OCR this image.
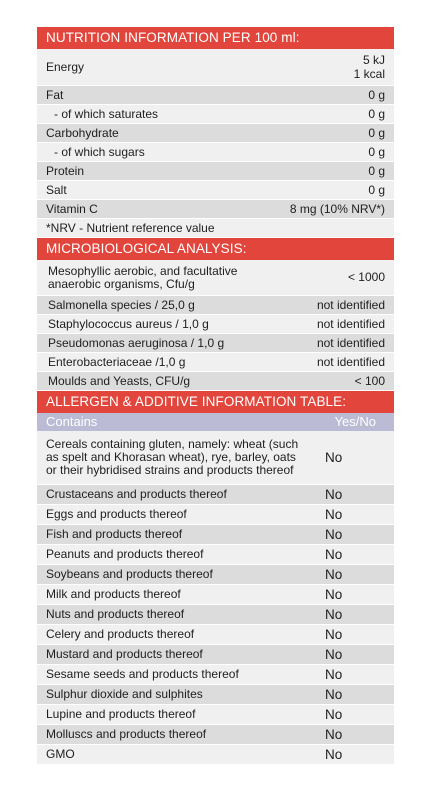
NUTRITION INFORMATION PER 100 ml:
Energy	5 kJ
1 kcal
Fat	0 g
- of which saturates	0 g
Carbohydrate	0 g
- of which sugars	0 g
Protein	0 g
Salt	0 g
Vitamin C	8 mg (10% NRV*)
*NRV - Nutrient reference value
MICROBIOLOGICAL ANALYSIS:
Mesophyllic aerobic, and facultative
anaerobic organisms, Cfu/g	< 1000
Salmonella species / 25,0 g	not identified
Staphylococcus aureus / 1,0 g	not identified
Pseudomonas aeruginosa / 1,0 g	not identified
Enterobacteriaceae /1,0 g	not identified
Moulds and Yeasts, CFU/g	< 100
ALLERGEN & ADDITIVE INFORMATION TABLE:
Contains	Yes/No
Cereals containing gluten, namely: wheat (such
as spelt and Khorasan wheat), rye, barley, oats
or their hybridised strains and products thereof
No
Crustaceans and products thereof	No
Eggs and products thereof	No
Fish and products thereof	No
Peanuts and products thereof	No
Soybeans and products thereof	No
Milk and products thereof	No
Nuts and products thereof	No
Celery and products thereof	No
Mustard and products thereof	No
Sesame seeds and products thereof	No
Sulphur dioxide and sulphites	No
Lupine and products thereof	No
Molluscs and products thereof	No
GMO	No
